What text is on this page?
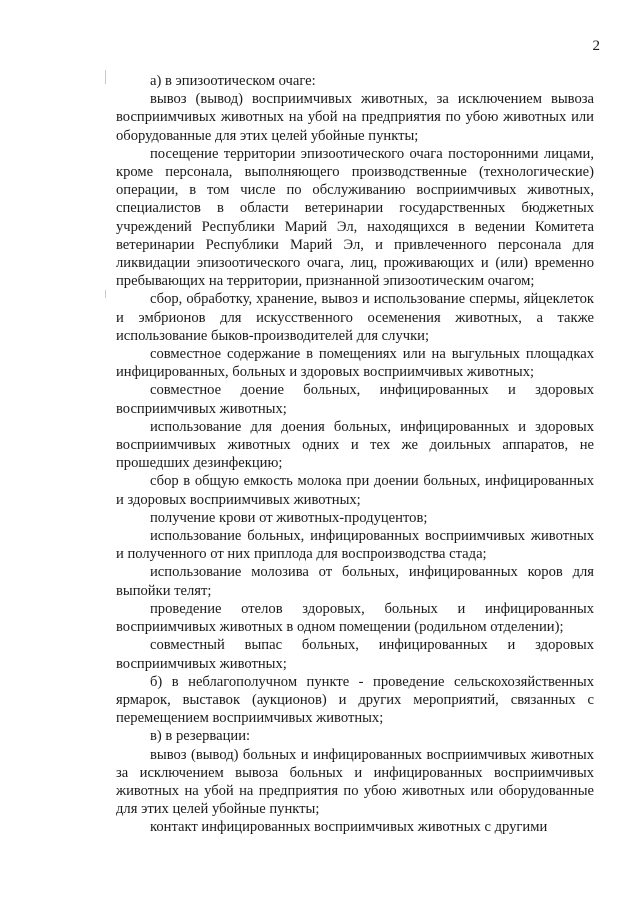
2

а) в эпизоотическом очаге:

вывоз (вывод) восприимчивых животных, за исключением вывоза восприимчивых животных на убой на предприятия по убою животных или оборудованные для этих целей убойные пункты;

посещение территории эпизоотического очага посторонними лицами, кроме персонала, выполняющего производственные (технологические) операции, в том числе по обслуживанию восприимчивых животных, специалистов в области ветеринарии государственных бюджетных учреждений Республики Марий Эл, находящихся в ведении Комитета ветеринарии Республики Марий Эл, и привлеченного персонала для ликвидации эпизоотического очага, лиц, проживающих и (или) временно пребывающих на территории, признанной эпизоотическим очагом;

сбор, обработку, хранение, вывоз и использование спермы, яйцеклеток и эмбрионов для искусственного осеменения животных, а также использование быков-производителей для случки;

совместное содержание в помещениях или на выгульных площадках инфицированных, больных и здоровых восприимчивых животных;

совместное доение больных, инфицированных и здоровых восприимчивых животных;

использование для доения больных, инфицированных и здоровых восприимчивых животных одних и тех же доильных аппаратов, не прошедших дезинфекцию;

сбор в общую емкость молока при доении больных, инфицированных и здоровых восприимчивых животных;

получение крови от животных-продуцентов;

использование больных, инфицированных восприимчивых животных и полученного от них приплода для воспроизводства стада;

использование молозива от больных, инфицированных коров для выпойки телят;

проведение отелов здоровых, больных и инфицированных восприимчивых животных в одном помещении (родильном отделении);

совместный выпас больных, инфицированных и здоровых восприимчивых животных;

б) в неблагополучном пункте - проведение сельскохозяйственных ярмарок, выставок (аукционов) и других мероприятий, связанных с перемещением восприимчивых животных;

в) в резервации:

вывоз (вывод) больных и инфицированных восприимчивых животных за исключением вывоза больных и инфицированных восприимчивых животных на убой на предприятия по убою животных или оборудованные для этих целей убойные пункты;

контакт инфицированных восприимчивых животных с другими
